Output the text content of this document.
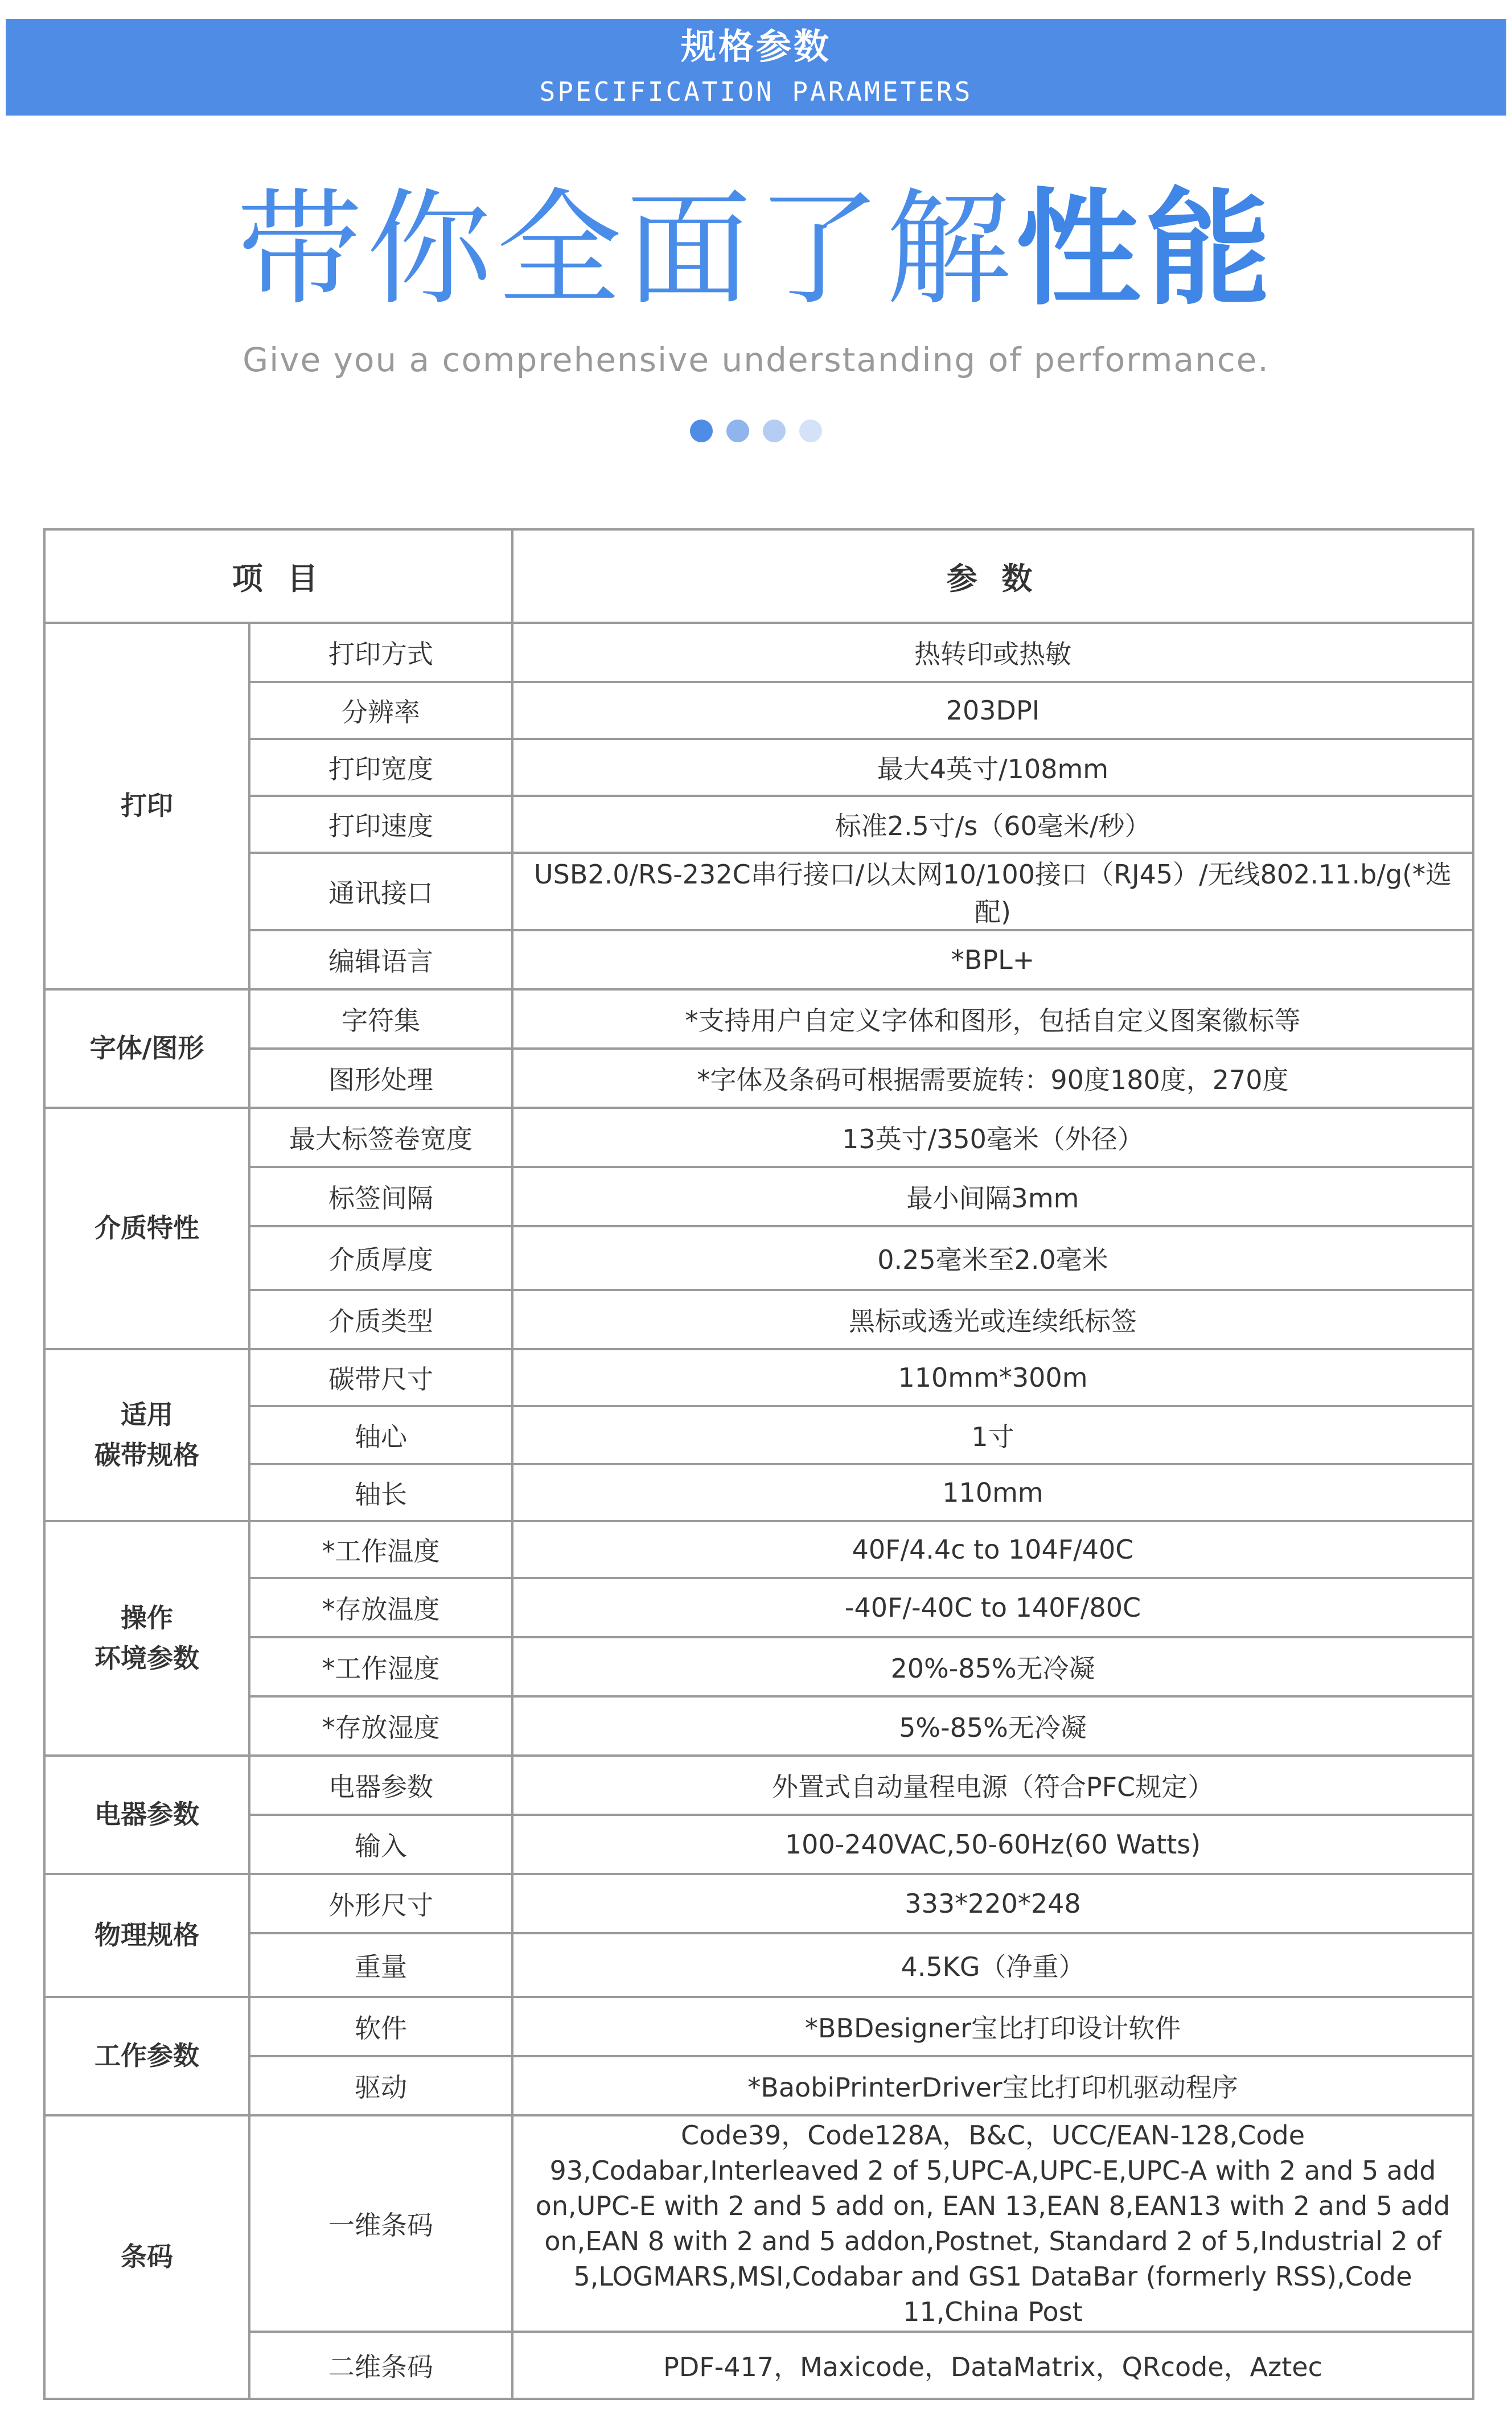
规格参数
SPECIFICATION PARAMETERS
带你全面了解性能
Give you a comprehensive understanding of performance.
项 目		参 数

打印	打印方式	热转印或热敏
	分辨率	203DPI
	打印宽度	最大4英寸/108mm
	打印速度	标准2.5寸/s（60毫米/秒）
	通讯接口	USB2.0/RS-232C串行接口/以太网10/100接口（RJ45）/无线802.11.b/g(*选配)
	编辑语言	*BPL+

字体/图形	字符集	*支持用户自定义字体和图形，包括自定义图案徽标等
	图形处理	*字体及条码可根据需要旋转：90度180度，270度

介质特性	最大标签卷宽度	13英寸/350毫米（外径）
	标签间隔	最小间隔3mm
	介质厚度	0.25毫米至2.0毫米
	介质类型	黑标或透光或连续纸标签

适用
碳带规格	碳带尺寸	110mm*300m
	轴心	1寸
	轴长	110mm

操作
环境参数	*工作温度	40F/4.4c to 104F/40C
	*存放温度	-40F/-40C to 140F/80C
	*工作湿度	20%-85%无冷凝
	*存放湿度	5%-85%无冷凝

电器参数	电器参数	外置式自动量程电源（符合PFC规定）
	输入	100-240VAC,50-60Hz(60 Watts)

物理规格	外形尺寸	333*220*248
	重量	4.5KG（净重）

工作参数	软件	*BBDesigner宝比打印设计软件
	驱动	*BaobiPrinterDriver宝比打印机驱动程序

条码	一维条码	Code39，Code128A，B&C，UCC/EAN-128,Code 93,Codabar,Interleaved 2 of 5,UPC-A,UPC-E,UPC-A with 2 and 5 add on,UPC-E with 2 and 5 add on, EAN 13,EAN 8,EAN13 with 2 and 5 add on,EAN 8 with 2 and 5 addon,Postnet, Standard 2 of 5,Industrial 2 of 5,LOGMARS,MSI,Codabar and GS1 DataBar (formerly RSS),Code 11,China Post
	二维条码	PDF-417，Maxicode，DataMatrix，QRcode，Aztec
